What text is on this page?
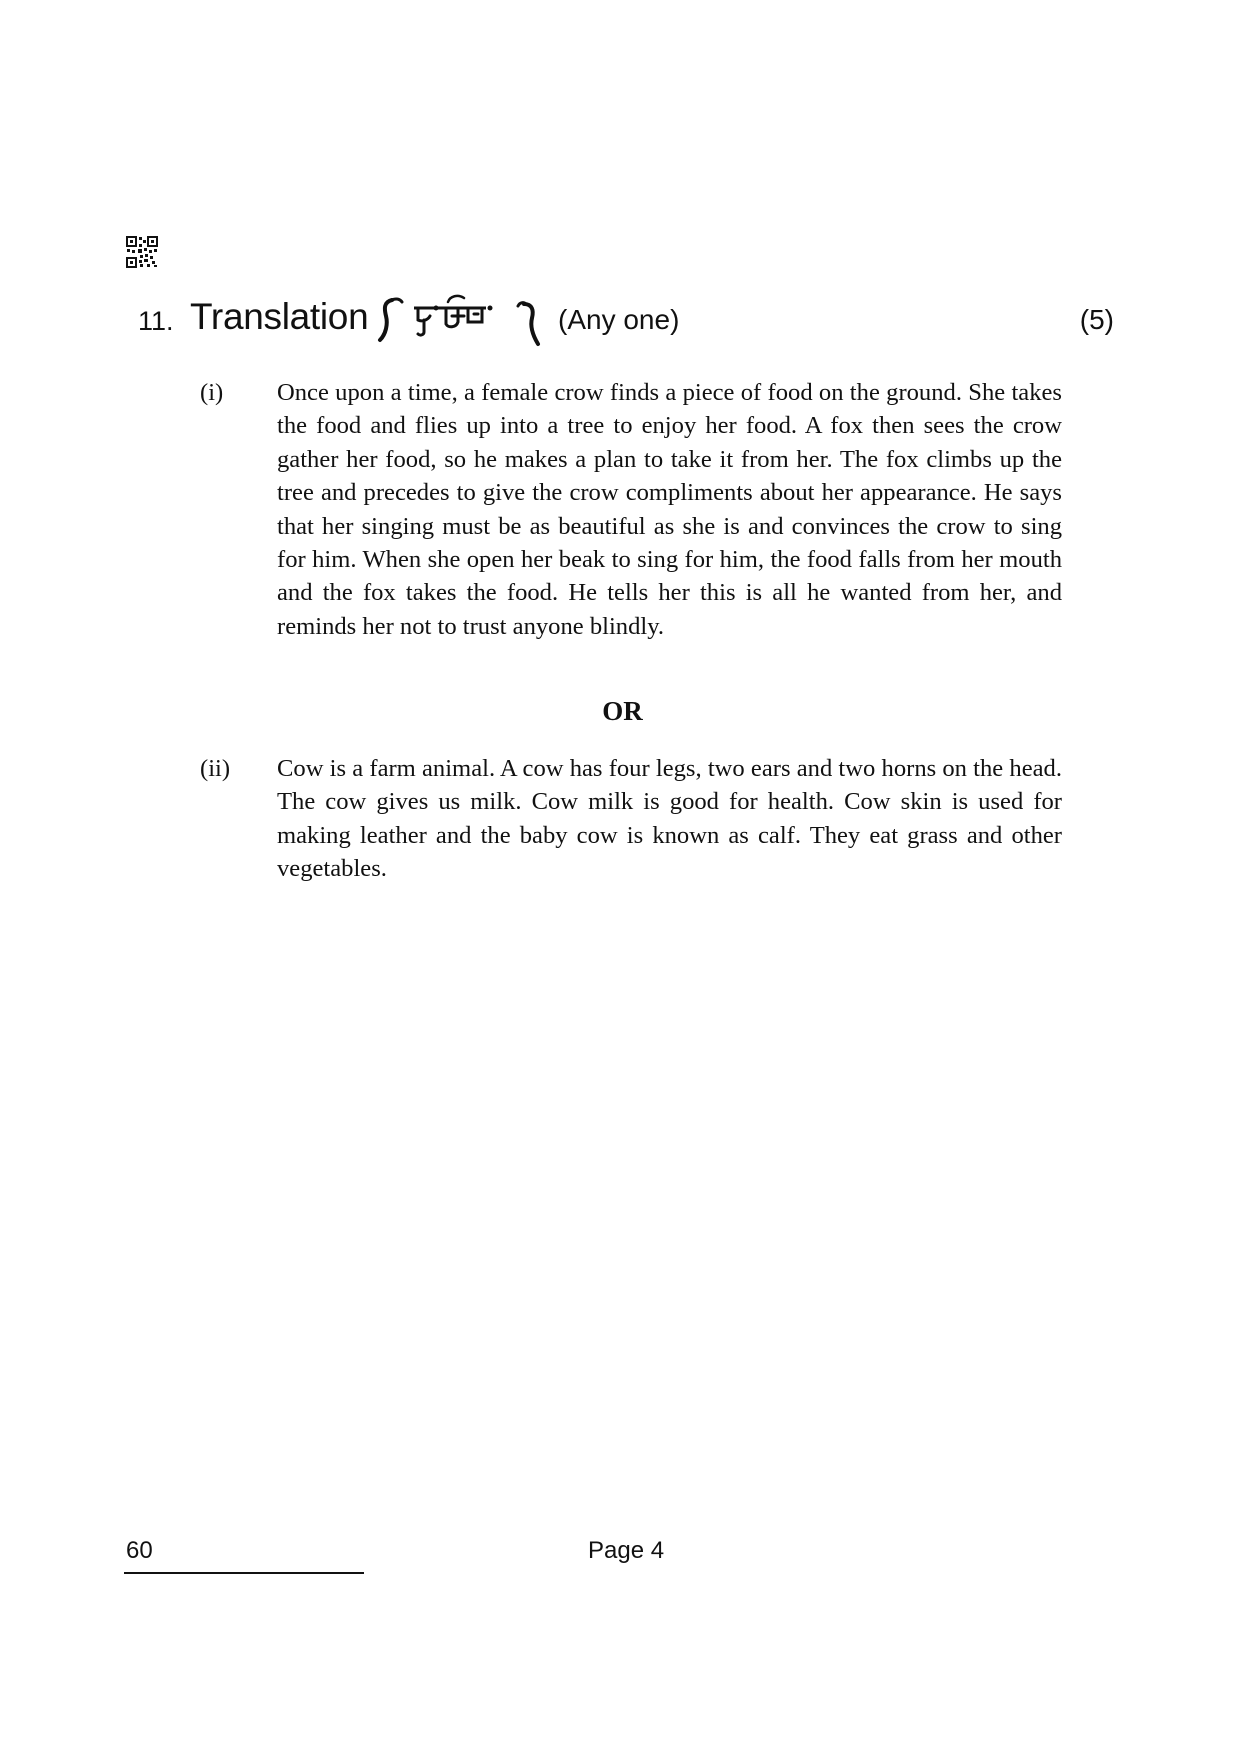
11. Translation	(Any one)	(5)
(i) Once upon a time, a female crow finds a piece of food on the ground. She takes the food and flies up into a tree to enjoy her food. A fox then sees the crow gather her food, so he makes a plan to take it from her. The fox climbs up the tree and precedes to give the crow compliments about her appearance. He says that her singing must be as beautiful as she is and convinces the crow to sing for him. When she open her beak to sing for him, the food falls from her mouth and the fox takes the food. He tells her this is all he wanted from her, and reminds her not to trust anyone blindly.
OR
(ii) Cow is a farm animal. A cow has four legs, two ears and two horns on the head. The cow gives us milk. Cow milk is good for health. Cow skin is used for making leather and the baby cow is known as calf. They eat grass and other vegetables.
60	Page 4
